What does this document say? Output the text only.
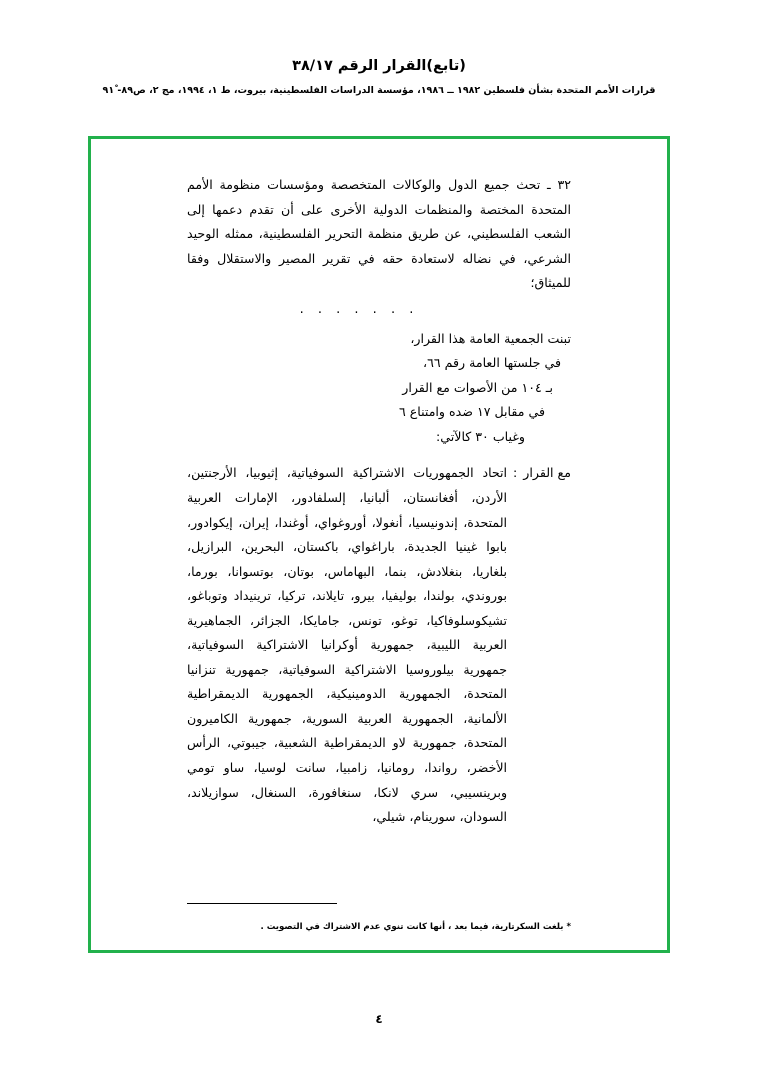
(تابع)القرار الرقم ٣٨/١٧
قرارات الأمم المتحدة بشأن فلسطين ١٩٨٢ ــ ١٩٨٦، مؤسسة الدراسات الفلسطينية، بيروت، ط ١، ١٩٩٤، مج ٢، ص٨٩- ٩١ْ
٣٢ ـ تحث جميع الدول والوكالات المتخصصة ومؤسسات منظومة الأمم المتحدة المختصة والمنظمات الدولية الأخرى على أن تقدم دعمها إلى الشعب الفلسطيني، عن طريق منظمة التحرير الفلسطينية، ممثله الوحيد الشرعي، في نضاله لاستعادة حقه في تقرير المصير والاستقلال وفقا للميثاق؛
. . . . . . .
تبنت الجمعية العامة هذا القرار،
في جلستها العامة رقم ٦٦،
بـ ١٠٤ من الأصوات مع القرار
في مقابل ١٧ ضده وامتناع ٦
وغياب ٣٠ كالآتي:
مع القرار
:
اتحاد الجمهوريات الاشتراكية السوفياتية، إثيوبيا، الأرجنتين، الأردن، أفغانستان، ألبانيا، إلسلفادور، الإمارات العربية المتحدة، إندونيسيا، أنغولا، أوروغواي، أوغندا، إيران، إيكوادور، بابوا غينيا الجديدة، باراغواي، باكستان، البحرين، البرازيل، بلغاريا، بنغلادش، بنما، البهاماس، بوتان، بوتسوانا، بورما، بوروندي، بولندا، بوليفيا، بيرو، تايلاند، تركيا، ترينيداد وتوباغو، تشيكوسلوفاكيا، توغو، تونس، جامايكا، الجزائر، الجماهيرية العربية الليبية، جمهورية أوكرانيا الاشتراكية السوفياتية، جمهورية بيلوروسيا الاشتراكية السوفياتية، جمهورية تنزانيا المتحدة، الجمهورية الدومينيكية، الجمهورية الديمقراطية الألمانية، الجمهورية العربية السورية، جمهورية الكاميرون المتحدة، جمهورية لاو الديمقراطية الشعبية، جيبوتي، الرأس الأخضر، رواندا، رومانيا، زامبيا، سانت لوسيا، ساو تومي وبرينسيبي، سري لانكا، سنغافورة، السنغال، سوازيلاند، السودان، سورينام، شيلي،
* بلغت السكرتارية، فيما بعد ، أنها كانت تنوي عدم الاشتراك في التصويت .
٤
